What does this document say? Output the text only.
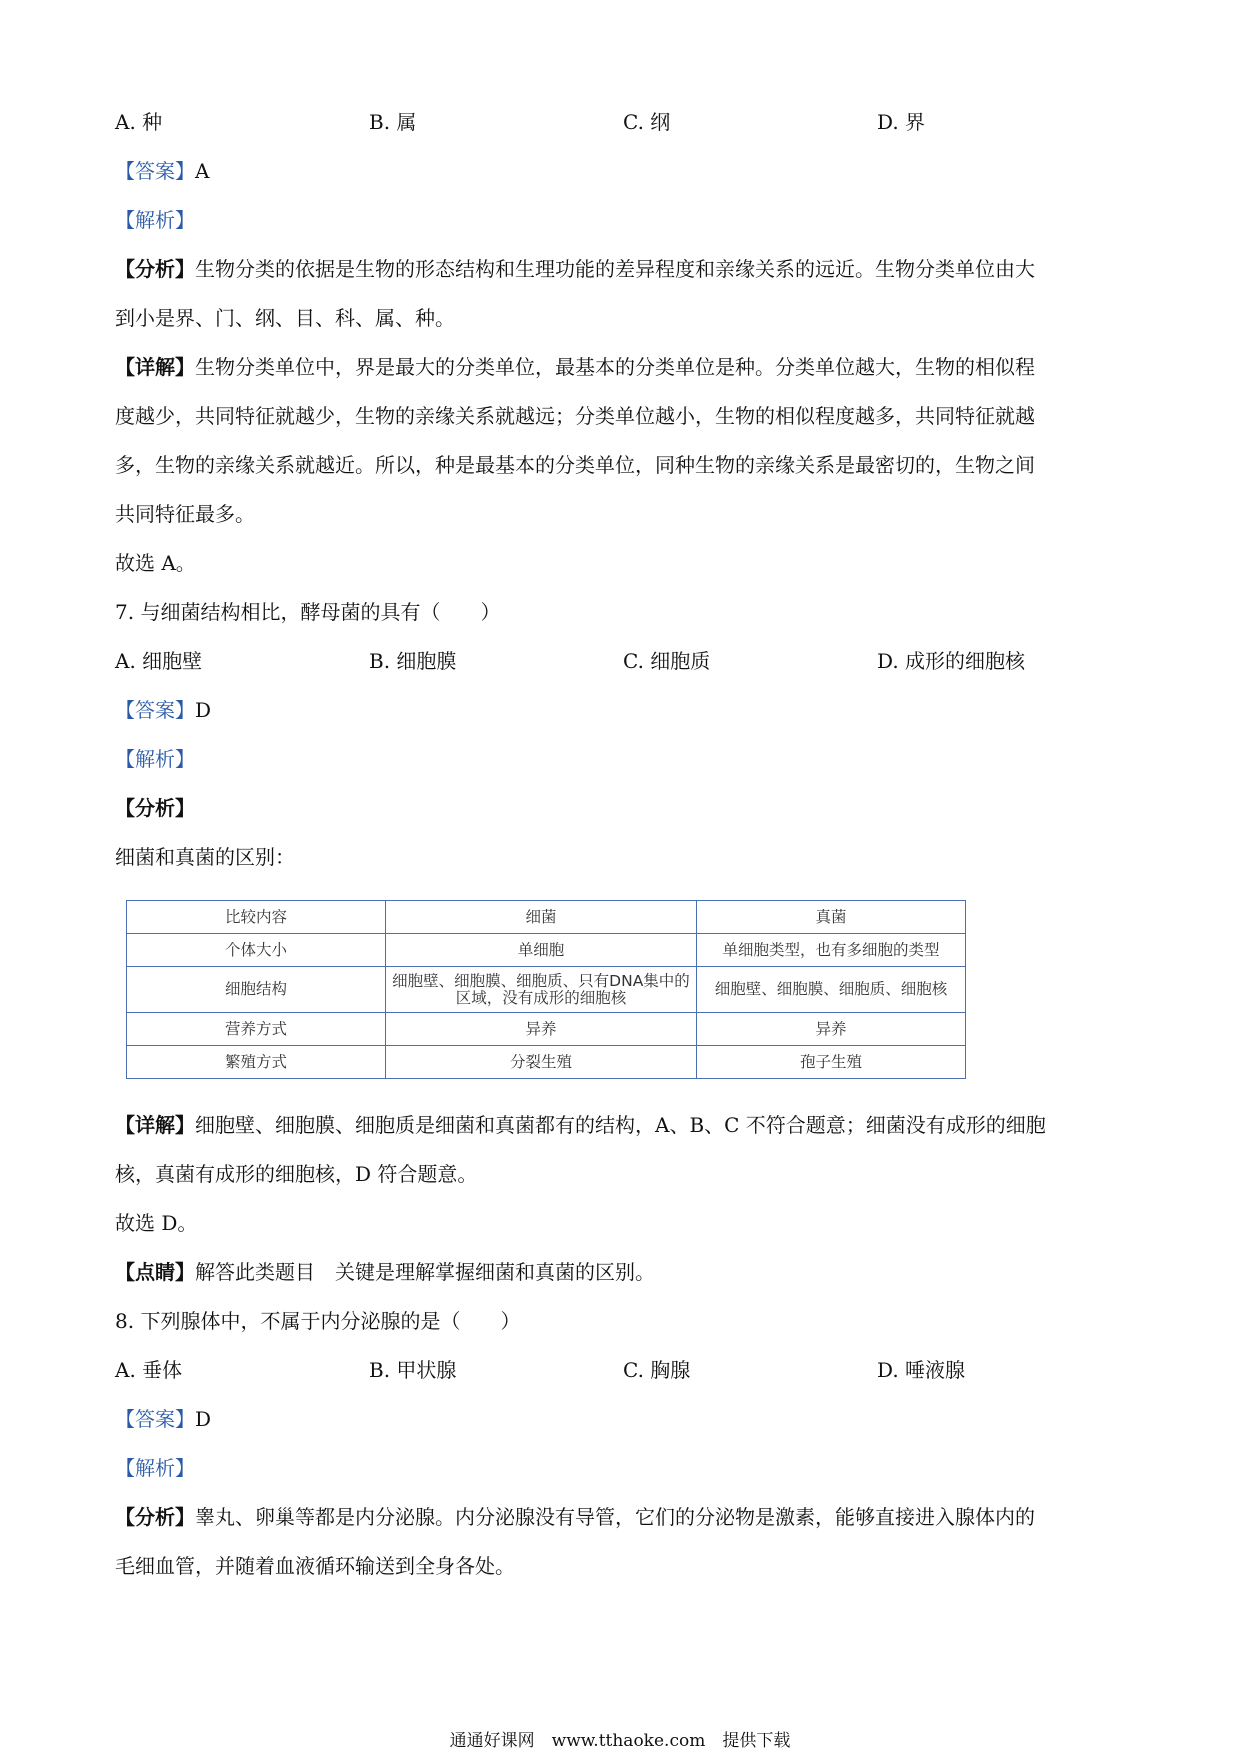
A. 种	B. 属	C. 纲	D. 界
【答案】A
【解析】
【分析】生物分类的依据是生物的形态结构和生理功能的差异程度和亲缘关系的远近。生物分类单位由大
到小是界、门、纲、目、科、属、种。
【详解】生物分类单位中，界是最大的分类单位，最基本的分类单位是种。分类单位越大，生物的相似程
度越少，共同特征就越少，生物的亲缘关系就越远；分类单位越小，生物的相似程度越多，共同特征就越
多，生物的亲缘关系就越近。所以，种是最基本的分类单位，同种生物的亲缘关系是最密切的，生物之间
共同特征最多。
故选 A。
7. 与细菌结构相比，酵母菌的具有（　　）
A. 细胞壁	B. 细胞膜	C. 细胞质	D. 成形的细胞核
【答案】D
【解析】
【分析】
细菌和真菌的区别：
比较内容	细菌	真菌
个体大小	单细胞	单细胞类型，也有多细胞的类型
细胞结构	细胞壁、细胞膜、细胞质、只有DNA集中的区域，没有成形的细胞核	细胞壁、细胞膜、细胞质、细胞核
营养方式	异养	异养
繁殖方式	分裂生殖	孢子生殖
【详解】细胞壁、细胞膜、细胞质是细菌和真菌都有的结构，A、B、C 不符合题意；细菌没有成形的细胞
核，真菌有成形的细胞核，D 符合题意。
故选 D。
【点睛】解答此类题目　关键是理解掌握细菌和真菌的区别。
8. 下列腺体中，不属于内分泌腺的是（　　）
A. 垂体	B. 甲状腺	C. 胸腺	D. 唾液腺
【答案】D
【解析】
【分析】睾丸、卵巢等都是内分泌腺。内分泌腺没有导管，它们的分泌物是激素，能够直接进入腺体内的
毛细血管，并随着血液循环输送到全身各处。
通通好课网　www.tthaoke.com　提供下载
